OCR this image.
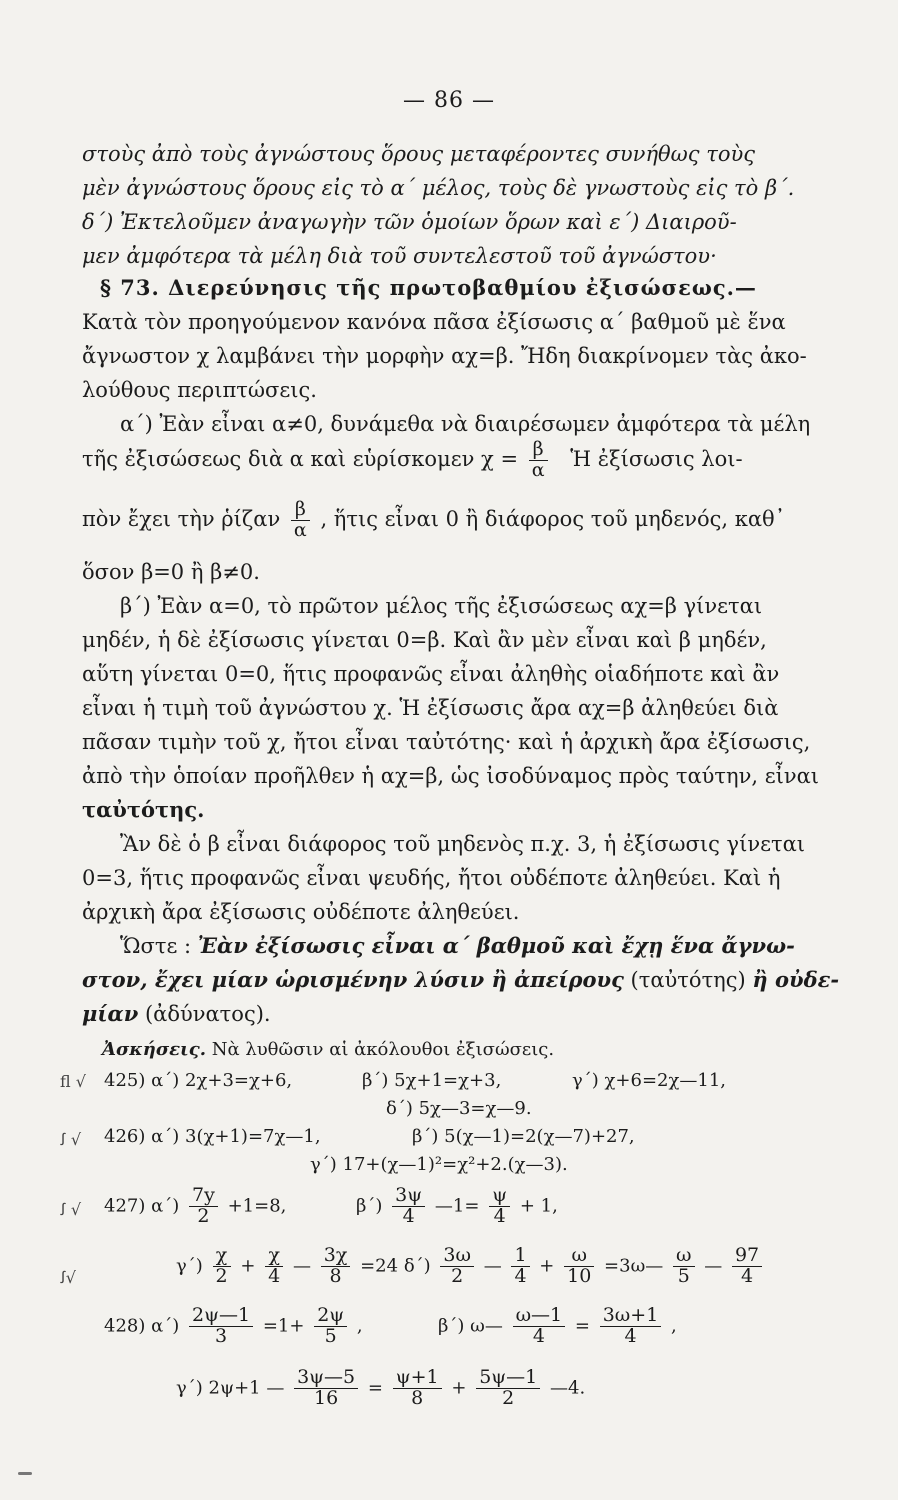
— 86 —
στοὺς ἀπὸ τοὺς ἀγνώστους ὅρους μεταφέροντες συνήθως τοὺς
μὲν ἀγνώστους ὅρους εἰς τὸ α΄ μέλος, τοὺς δὲ γνωστοὺς εἰς τὸ β΄.
δ΄) Ἐκτελοῦμεν ἀναγωγὴν τῶν ὁμοίων ὅρων καὶ ε΄) Διαιροῦ-
μεν ἀμφότερα τὰ μέλη διὰ τοῦ συντελεστοῦ τοῦ ἀγνώστου·
§ 73. Διερεύνησις τῆς πρωτοβαθμίου ἐξισώσεως.—
Κατὰ τὸν προηγούμενον κανόνα πᾶσα ἐξίσωσις α΄ βαθμοῦ μὲ ἕνα
ἄγνωστον χ λαμβάνει τὴν μορφὴν αχ=β. Ἤδη διακρίνομεν τὰς ἀκο-
λούθους περιπτώσεις.
α΄) Ἐὰν εἶναι α≠0, δυνάμεθα νὰ διαιρέσωμεν ἀμφότερα τὰ μέλη
τῆς ἐξισώσεως διὰ α καὶ εὑρίσκομεν $\chi = \frac{\beta}{\alpha}$ Ἡ ἐξίσωσις λοι-
πὸν ἔχει τὴν ῥίζαν $\frac{\beta}{\alpha}$ , ἥτις εἶναι 0 ἢ διάφορος τοῦ μηδενός, καθ᾿
ὅσον β=0 ἢ β≠0.
β΄) Ἐὰν α=0, τὸ πρῶτον μέλος τῆς ἐξισώσεως αχ=β γίνεται
μηδέν, ἡ δὲ ἐξίσωσις γίνεται 0=β. Καὶ ἂν μὲν εἶναι καὶ β μηδέν,
αὕτη γίνεται 0=0, ἥτις προφανῶς εἶναι ἀληθὴς οἱαδήποτε καὶ ἂν
εἶναι ἡ τιμὴ τοῦ ἀγνώστου χ. Ἡ ἐξίσωσις ἄρα αχ=β ἀληθεύει διὰ
πᾶσαν τιμὴν τοῦ χ, ἤτοι εἶναι ταὐτότης· καὶ ἡ ἀρχικὴ ἄρα ἐξίσωσις,
ἀπὸ τὴν ὁποίαν προῆλθεν ἡ αχ=β, ὡς ἰσοδύναμος πρὸς ταύτην, εἶναι
ταὐτότης.
Ἂν δὲ ὁ β εἶναι διάφορος τοῦ μηδενὸς π.χ. 3, ἡ ἐξίσωσις γίνεται
0=3, ἥτις προφανῶς εἶναι ψευδής, ἤτοι οὐδέποτε ἀληθεύει. Καὶ ἡ
ἀρχικὴ ἄρα ἐξίσωσις οὐδέποτε ἀληθεύει.
Ὥστε : Ἐὰν ἐξίσωσις εἶναι α΄ βαθμοῦ καὶ ἔχῃ ἕνα ἄγνω-
στον, ἔχει μίαν ὡρισμένην λύσιν ἢ ἀπείρους (ταὐτότης) ἢ οὐδε-
μίαν (ἀδύνατος).
Ἀσκήσεις. Νὰ λυθῶσιν αἱ ἀκόλουθοι ἐξισώσεις.
ﬂ √ 425) α΄) 2χ+3=χ+6,	β΄) 5χ+1=χ+3,	γ΄) χ+6=2χ—11,
δ΄) 5χ—3=χ—9.
ꭍ √ 426) α΄) 3(χ+1)=7χ—1,	β΄) 5(χ—1)=2(χ—7)+27,
γ΄) 17+(χ—1)²=χ²+2.(χ—3).
ꭍ √ 427) $\alpha΄) \frac{7y}{2} +1=8$,	$\beta΄) \frac{3\psi}{4}$ —1= $\frac{\psi}{4} + 1$,
$\gamma΄) \frac{\chi}{2} + \frac{\chi}{4}$ — $\frac{3\chi}{8} =24$ $\delta΄) \frac{3\omega}{2}$ — $\frac{1}{4} + \frac{\omega}{10}$ =3ω— $\frac{\omega}{5}$ — $\frac{97}{4}$
ꭍ√
428) $\alpha΄) \frac{2\psi—1}{3} =1+ \frac{2\psi}{5}$ ,	β΄) ω— $\frac{\omega—1}{4} = \frac{3\omega+1}{4}$ ,
γ΄) 2ψ+1 — $\frac{3\psi—5}{16} = \frac{\psi+1}{8} + \frac{5\psi—1}{2}$ —4.
